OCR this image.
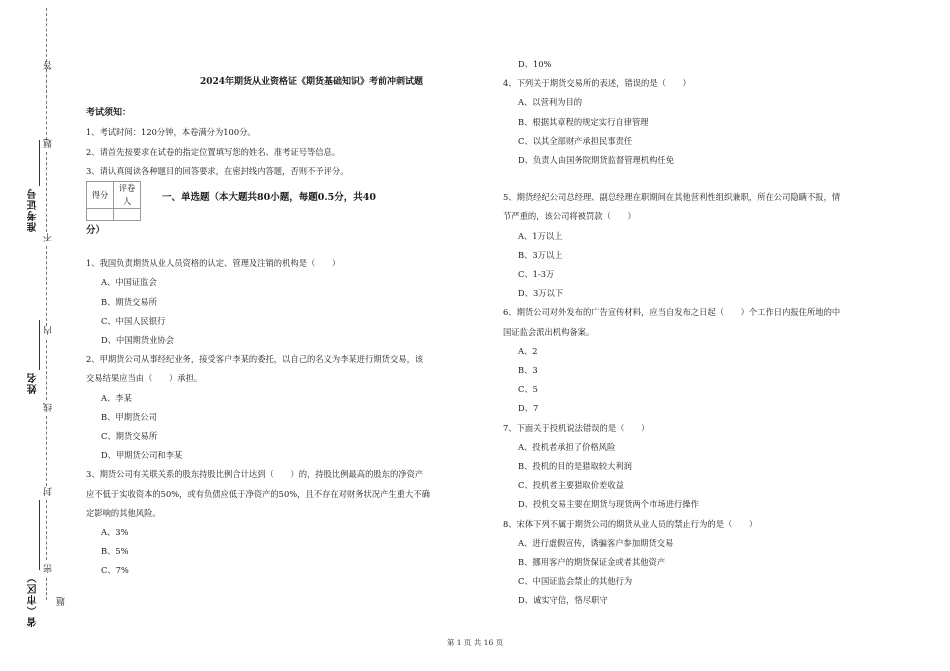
答
题
不
内
线
封
密
题
准考证号
姓名
省（市区）
2024年期货从业资格证《期货基础知识》考前冲刺试题
考试须知：
1、考试时间：120分钟，本卷满分为100分。
2、请首先按要求在试卷的指定位置填写您的姓名、准考证号等信息。
3、请认真阅读各种题目的回答要求，在密封线内答题，否则不予评分。
得分	评卷人
		一、单选题（本大题共80小题，每题0.5分，共40
分）
1、我国负责期货从业人员资格的认定、管理及注销的机构是（　　）
A、中国证监会
B、期货交易所
C、中国人民银行
D、中国期货业协会
2、甲期货公司从事经纪业务，接受客户李某的委托，以自己的名义为李某进行期货交易，该
交易结果应当由（　　）承担。
A、李某
B、甲期货公司
C、期货交易所
D、甲期货公司和李某
3、期货公司有关联关系的股东持股比例合计达到（　　）的，持股比例最高的股东的净资产
应不低于实收资本的50%，或有负债应低于净资产的50%，且不存在对财务状况产生重大不确
定影响的其他风险。
A、3%
B、5%
C、7%
D、10%
4、下列关于期货交易所的表述，错误的是（　　）
A、以营利为目的
B、根据其章程的规定实行自律管理
C、以其全部财产承担民事责任
D、负责人由国务院期货监督管理机构任免
5、期货经纪公司总经理、副总经理在职期间在其他营利性组织兼职，所在公司隐瞒不报，情
节严重的，该公司将被罚款（　　）
A、1万以上
B、3万以上
C、1-3万
D、3万以下
6、期货公司对外发布的广告宣传材料，应当自发布之日起（　　）个工作日内报住所地的中
国证监会派出机构备案。
A、2
B、3
C、5
D、7
7、下面关于投机说法错误的是（　　）
A、投机者承担了价格风险
B、投机的目的是猎取较大利润
C、投机者主要猎取价差收益
D、投机交易主要在期货与现货两个市场进行操作
8、宋体下列不属于期货公司的期货从业人员的禁止行为的是（　　）
A、进行虚假宣传，诱骗客户参加期货交易
B、挪用客户的期货保证金或者其他资产
C、中国证监会禁止的其他行为
D、诚实守信，恪尽职守
第 1 页 共 16 页
